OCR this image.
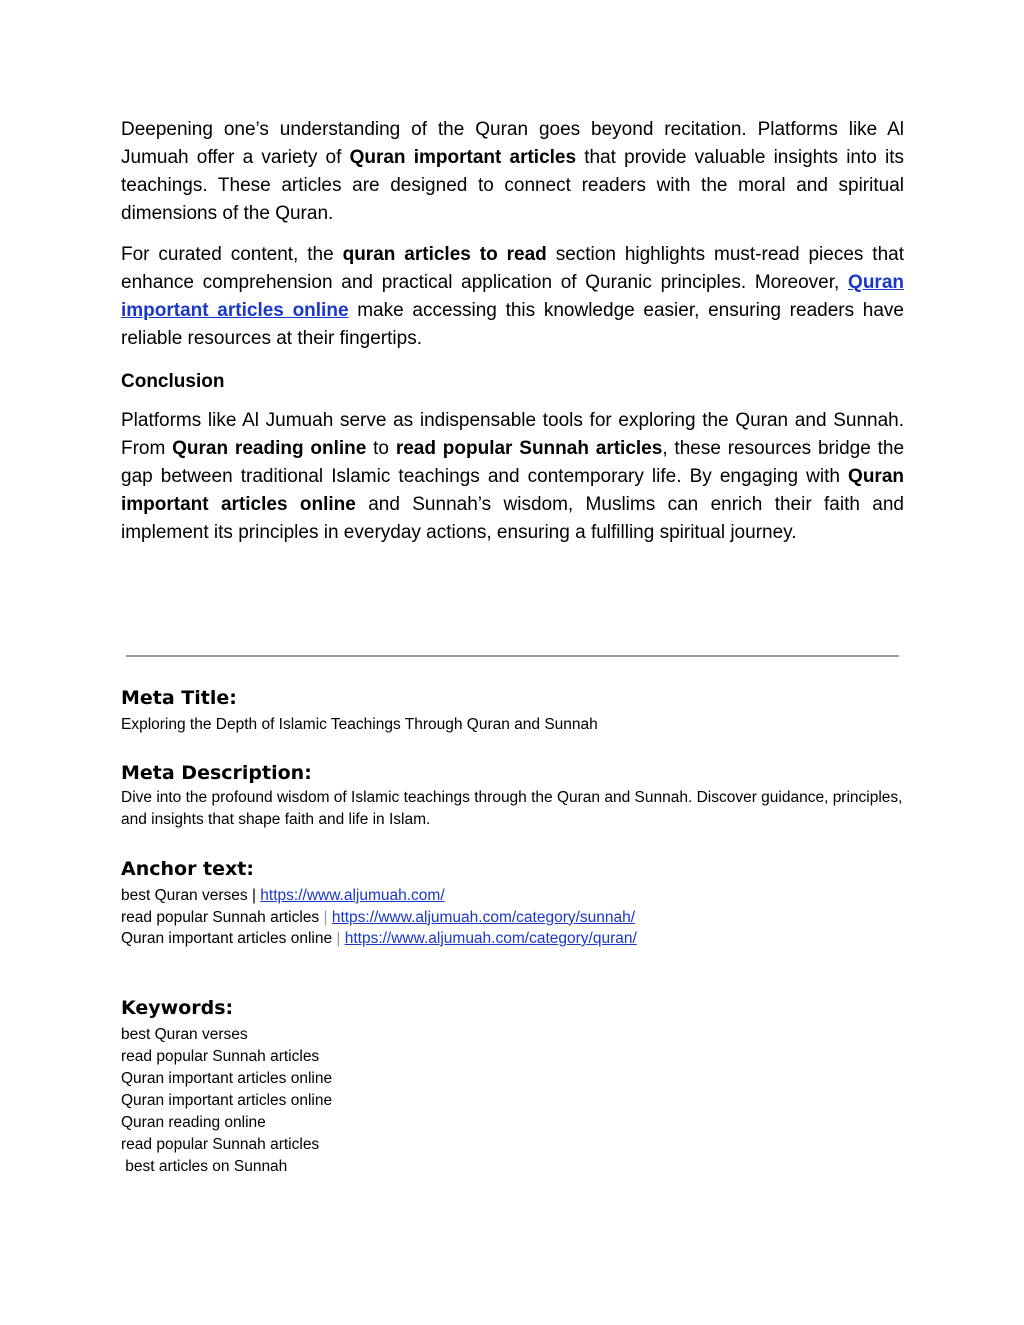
Deepening one’s understanding of the Quran goes beyond recitation. Platforms like Al Jumuah offer a variety of Quran important articles that provide valuable insights into its teachings. These articles are designed to connect readers with the moral and spiritual dimensions of the Quran.

For curated content, the quran articles to read section highlights must-read pieces that enhance comprehension and practical application of Quranic principles. Moreover, Quran important articles online make accessing this knowledge easier, ensuring readers have reliable resources at their fingertips.

Conclusion

Platforms like Al Jumuah serve as indispensable tools for exploring the Quran and Sunnah. From Quran reading online to read popular Sunnah articles, these resources bridge the gap between traditional Islamic teachings and contemporary life. By engaging with Quran important articles online and Sunnah’s wisdom, Muslims can enrich their faith and implement its principles in everyday actions, ensuring a fulfilling spiritual journey.

Meta Title:

Exploring the Depth of Islamic Teachings Through Quran and Sunnah

Meta Description:

Dive into the profound wisdom of Islamic teachings through the Quran and Sunnah. Discover guidance, principles, and insights that shape faith and life in Islam.

Anchor text:
best Quran verses | https://www.aljumuah.com/
read popular Sunnah articles | https://www.aljumuah.com/category/sunnah/
Quran important articles online | https://www.aljumuah.com/category/quran/
Keywords:
best Quran verses
read popular Sunnah articles
Quran important articles online
Quran important articles online
Quran reading online
read popular Sunnah articles
best articles on Sunnah
